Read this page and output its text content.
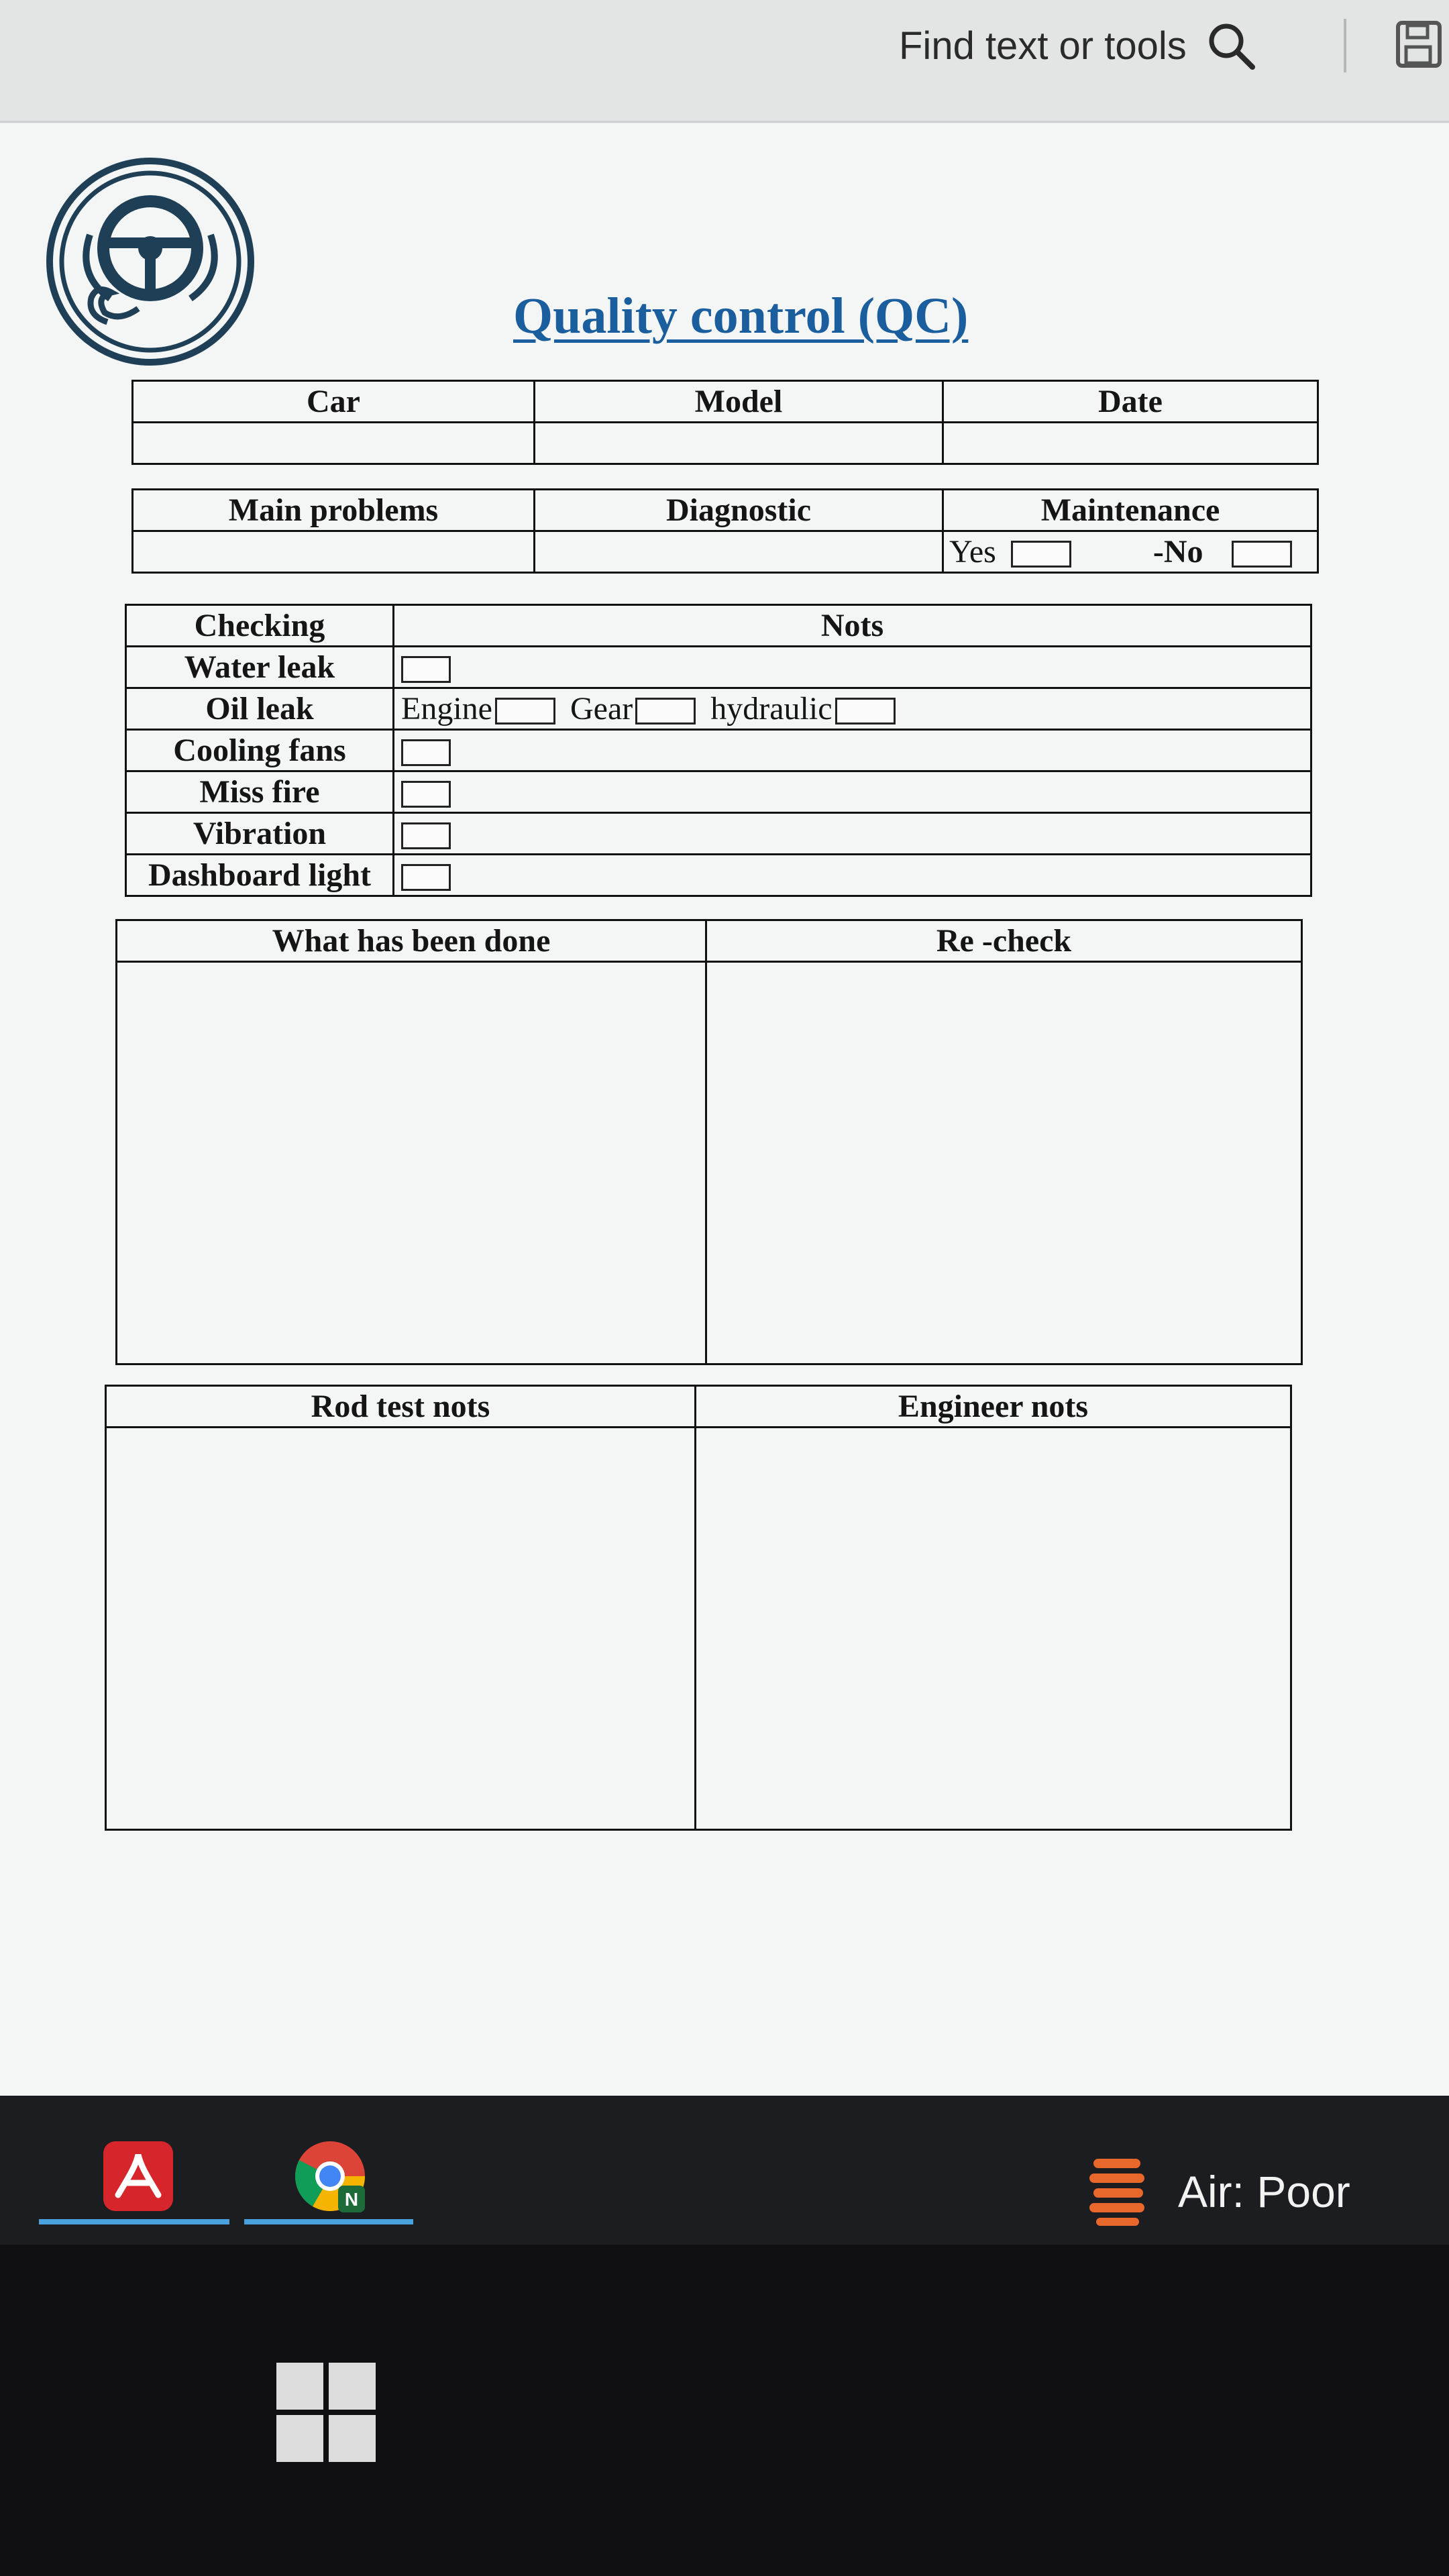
Find text or tools
Quality control (QC)
Car	Model	Date

Main problems	Diagnostic	Maintenance
		Yes -No
Checking	Nots
Water leak	
Oil leak	Engine Gear hydraulic
Cooling fans	
Miss fire	
Vibration	
Dashboard light	
What has been done	Re -check

Rod test nots	Engineer nots

N	Air: Poor
